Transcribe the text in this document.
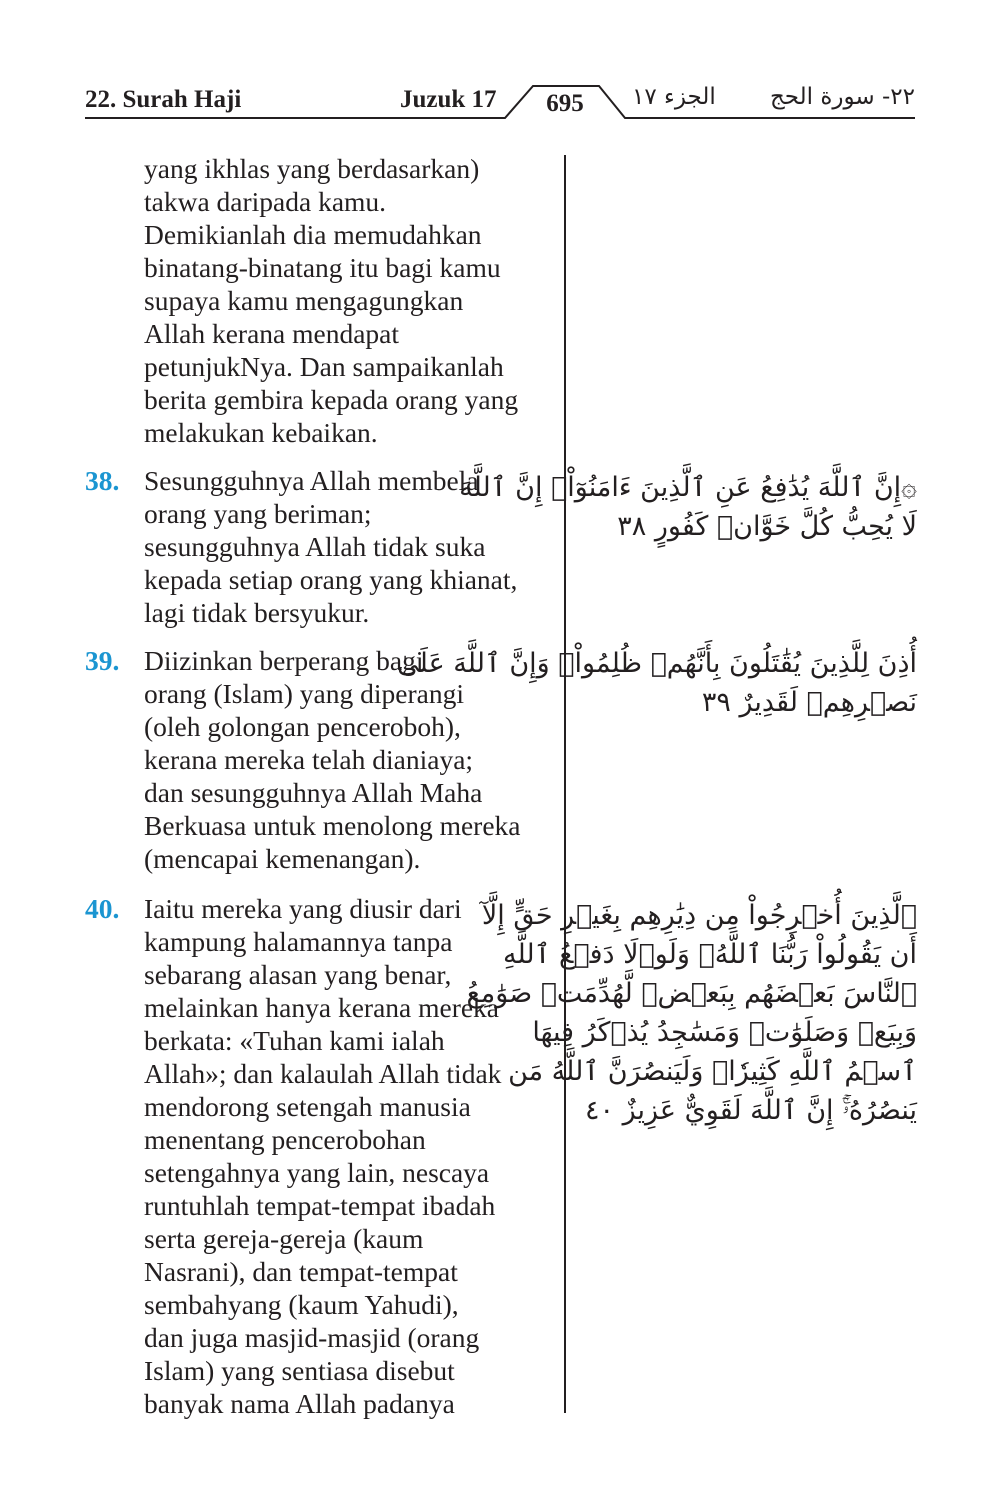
22. Surah Haji	Juzuk 17	695	الجزء ١٧ ٢٢- سورة الحج
yang ikhlas yang berdasarkan)
takwa daripada kamu.
Demikianlah dia memudahkan
binatang-binatang itu bagi kamu
supaya kamu mengagungkan
Allah kerana mendapat
petunjukNya. Dan sampaikanlah
berita gembira kepada orang yang
melakukan kebaikan.
38. Sesungguhnya Allah membela
orang yang beriman;
sesungguhnya Allah tidak suka
kepada setiap orang yang khianat,
lagi tidak bersyukur.
۞إِنَّ ٱللَّهَ يُدَٰفِعُ عَنِ ٱلَّذِينَ ءَامَنُوٓاْۗ إِنَّ ٱللَّهَ
لَا يُحِبُّ كُلَّ خَوَّانٖ كَفُورٍ ٣٨
39. Diizinkan berperang bagi
orang (Islam) yang diperangi
(oleh golongan penceroboh),
kerana mereka telah dianiaya;
dan sesungguhnya Allah Maha
Berkuasa untuk menolong mereka
(mencapai kemenangan).
أُذِنَ لِلَّذِينَ يُقَٰتَلُونَ بِأَنَّهُمۡ ظُلِمُواْۚ وَإِنَّ ٱللَّهَ عَلَىٰ
نَصۡرِهِمۡ لَقَدِيرٌ ٣٩
40. Iaitu mereka yang diusir dari
kampung halamannya tanpa
sebarang alasan yang benar,
melainkan hanya kerana mereka
berkata: «Tuhan kami ialah
Allah»; dan kalaulah Allah tidak
mendorong setengah manusia
menentang pencerobohan
setengahnya yang lain, nescaya
runtuhlah tempat-tempat ibadah
serta gereja-gereja (kaum
Nasrani), dan tempat-tempat
sembahyang (kaum Yahudi),
dan juga masjid-masjid (orang
Islam) yang sentiasa disebut
banyak nama Allah padanya
ٱلَّذِينَ أُخۡرِجُواْ مِن دِيَٰرِهِم بِغَيۡرِ حَقٍّ إِلَّآ
أَن يَقُولُواْ رَبُّنَا ٱللَّهُۗ وَلَوۡلَا دَفۡعُ ٱللَّهِ
ٱلنَّاسَ بَعۡضَهُم بِبَعۡضٖ لَّهُدِّمَتۡ صَوَٰمِعُ
وَبِيَعٞ وَصَلَوَٰتٞ وَمَسَٰجِدُ يُذۡكَرُ فِيهَا
ٱسۡمُ ٱللَّهِ كَثِيرٗاۗ وَلَيَنصُرَنَّ ٱللَّهُ مَن
يَنصُرُهُۥٓۚ إِنَّ ٱللَّهَ لَقَوِيٌّ عَزِيزٌ ٤٠
